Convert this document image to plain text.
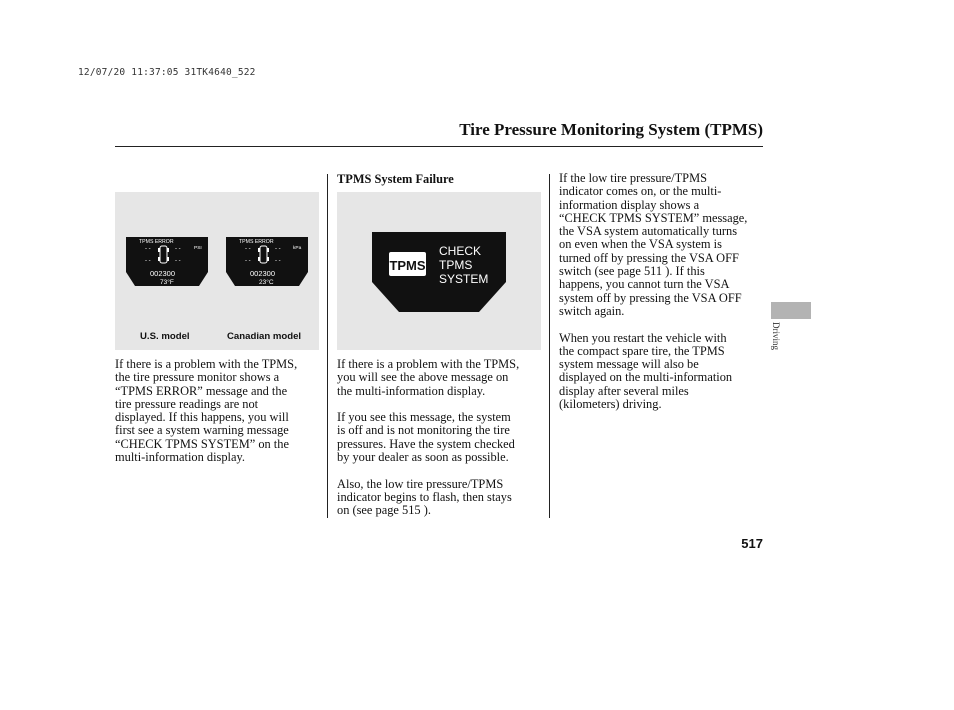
12/07/20 11:37:05 31TK4640_522
Tire Pressure Monitoring System (TPMS)
TPMS ERROR
- -	- -
- -	- -
PSI
002300
73°F
TPMS ERROR
- -	- -
- -	- -
kPa
002300
23°C
U.S. model	Canadian model

If there is a problem with the TPMS,
the tire pressure monitor shows a
“TPMS ERROR” message and the
tire pressure readings are not
displayed. If this happens, you will
first see a system warning message
“CHECK TPMS SYSTEM” on the
multi-information display.

TPMS System Failure
TPMS
CHECK
TPMS
SYSTEM

If there is a problem with the TPMS,
you will see the above message on
the multi-information display.

If you see this message, the system
is off and is not monitoring the tire
pressures. Have the system checked
by your dealer as soon as possible.

Also, the low tire pressure/TPMS
indicator begins to flash, then stays
on (see page 515 ).

If the low tire pressure/TPMS
indicator comes on, or the multi-
information display shows a
“CHECK TPMS SYSTEM” message,
the VSA system automatically turns
on even when the VSA system is
turned off by pressing the VSA OFF
switch (see page 511 ). If this
happens, you cannot turn the VSA
system off by pressing the VSA OFF
switch again.

When you restart the vehicle with
the compact spare tire, the TPMS
system message will also be
displayed on the multi-information
display after several miles
(kilometers) driving.

Driving
517
